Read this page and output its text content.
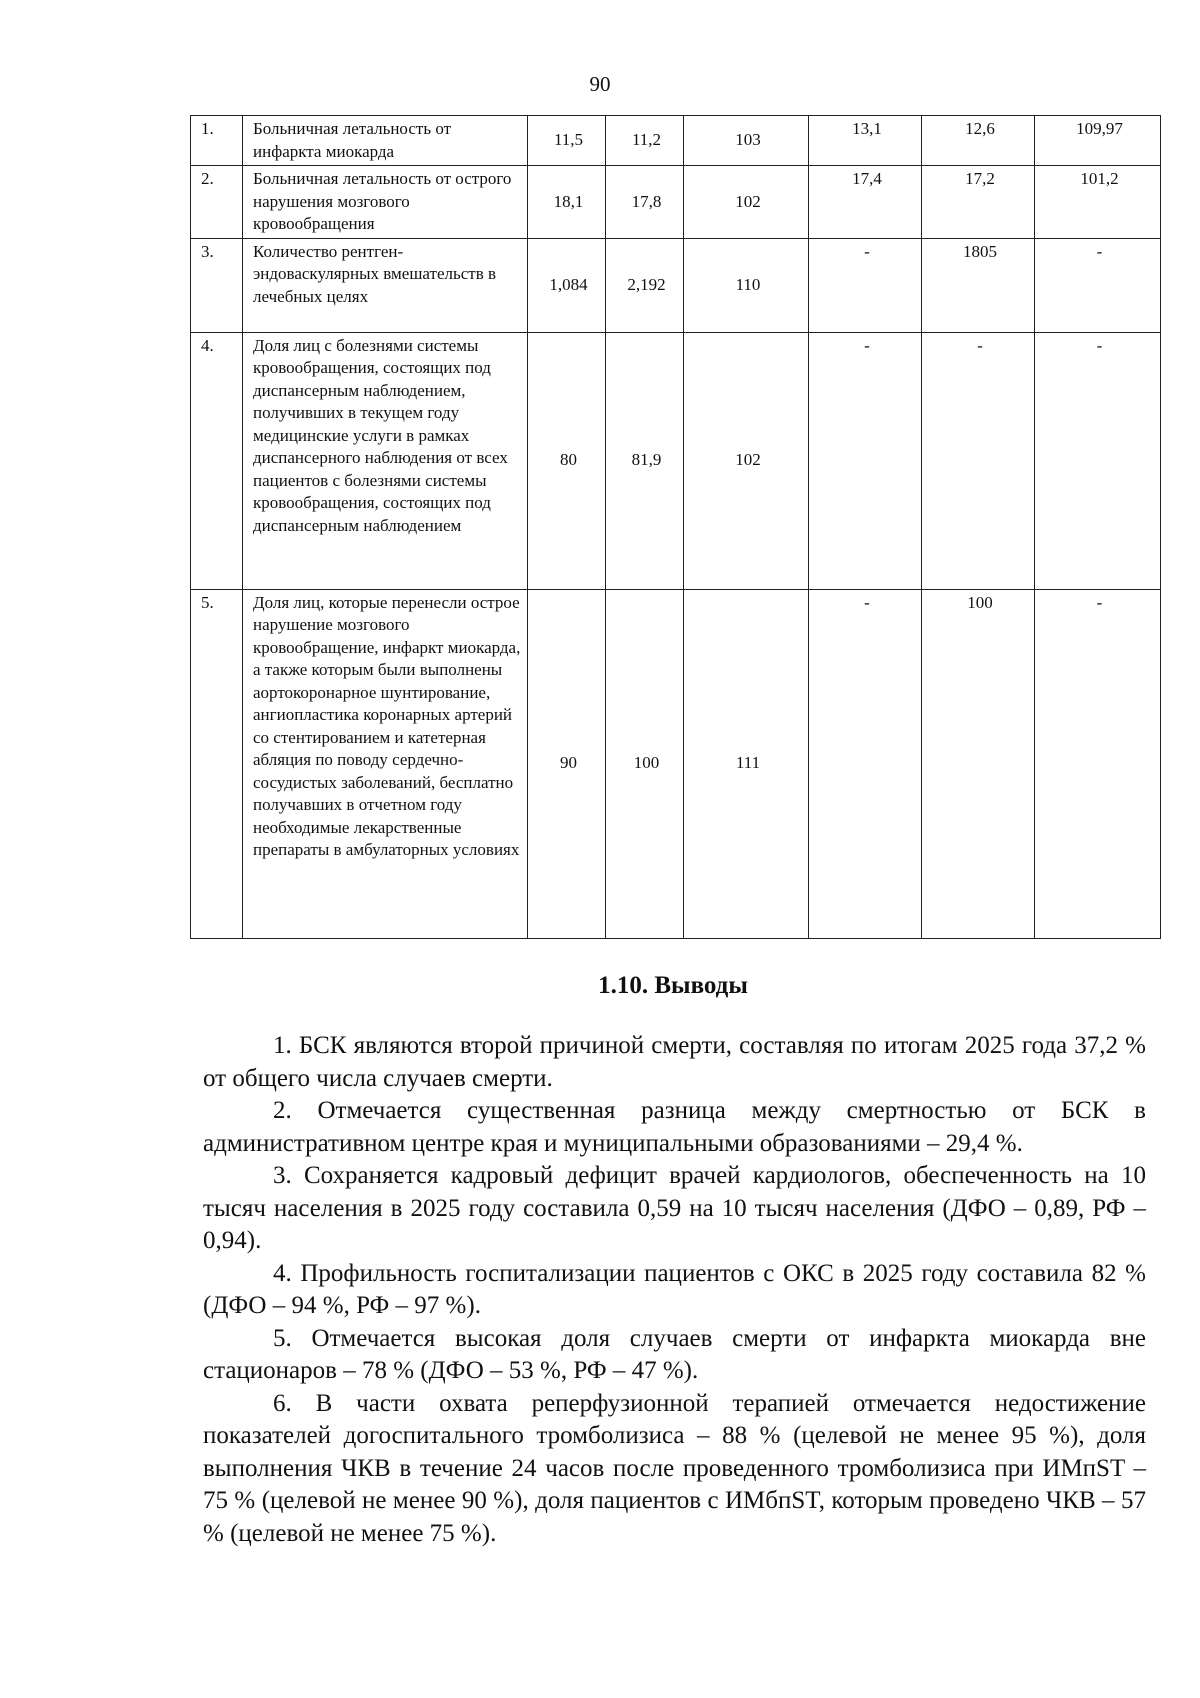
90
1.	Больничная летальность от инфаркта миокарда	11,5	11,2	103	13,1	12,6	109,97
2.	Больничная летальность от острого нарушения мозгового кровообращения	18,1	17,8	102	17,4	17,2	101,2
3.	Количество рентген-эндоваскулярных вмешательств в лечебных целях	1,084	2,192	110	-	1805	-
4.	Доля лиц с болезнями системы кровообращения, состоящих под диспансерным наблюдением, получивших в текущем году медицинские услуги в рамках диспансерного наблюдения от всех пациентов с болезнями системы кровообращения, состоящих под диспансерным наблюдением	80	81,9	102	-	-	-
5.	Доля лиц, которые перенесли острое нарушение мозгового кровообращение, инфаркт миокарда, а также которым были выполнены аортокоронарное шунтирование, ангиопластика коронарных артерий со стентированием и катетерная абляция по поводу сердечно-сосудистых заболеваний, бесплатно получавших в отчетном году необходимые лекарственные препараты в амбулаторных условиях	90	100	111	-	100	-
1.10. Выводы

1. БСК являются второй причиной смерти, составляя по итогам 2025 года 37,2 % от общего числа случаев смерти.

2. Отмечается существенная разница между смертностью от БСК в административном центре края и муниципальными образованиями – 29,4 %.

3. Сохраняется кадровый дефицит врачей кардиологов, обеспеченность на 10 тысяч населения в 2025 году составила 0,59 на 10 тысяч населения (ДФО – 0,89, РФ – 0,94).

4. Профильность госпитализации пациентов с ОКС в 2025 году составила 82 % (ДФО – 94 %, РФ – 97 %).

5. Отмечается высокая доля случаев смерти от инфаркта миокарда вне стационаров – 78 % (ДФО – 53 %, РФ – 47 %).

6. В части охвата реперфузионной терапией отмечается недостижение показателей догоспитального тромболизиса – 88 % (целевой не менее 95 %), доля выполнения ЧКВ в течение 24 часов после проведенного тромболизиса при ИМпST – 75 % (целевой не менее 90 %), доля пациентов с ИМбпST, которым проведено ЧКВ – 57 % (целевой не менее 75 %).
